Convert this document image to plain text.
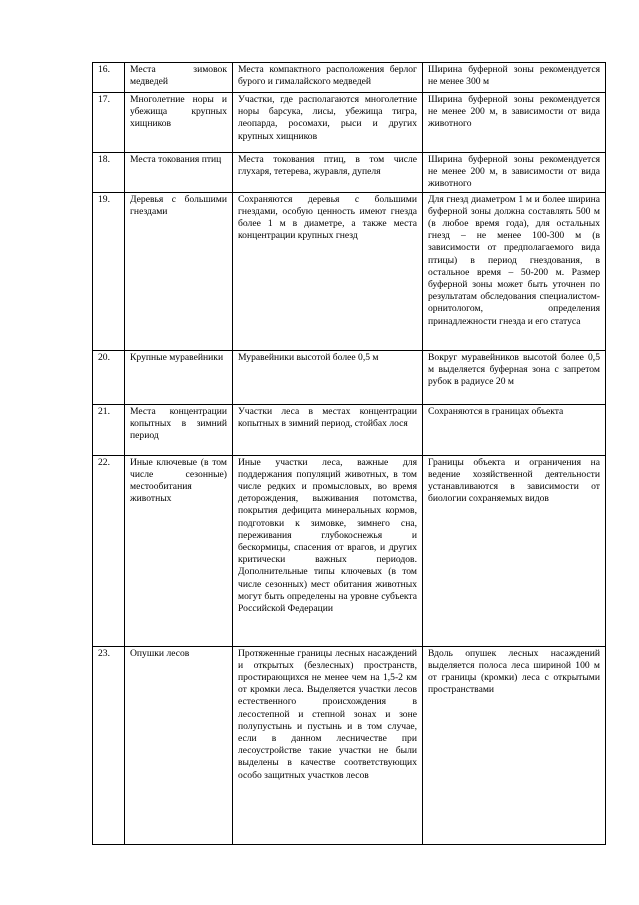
16.	Места зимовок медведей	Места компактного расположения берлог бурого и гималайского медведей	Ширина буферной зоны рекомендуется не менее 300 м
17.	Многолетние норы и убежища крупных хищников	Участки, где располагаются многолетние норы барсука, лисы, убежища тигра, леопарда, росомахи, рыси и других крупных хищников	Ширина буферной зоны рекомендуется не менее 200 м, в зависимости от вида животного
18.	Места токования птиц	Места токования птиц, в том числе глухаря, тетерева, журавля, дупеля	Ширина буферной зоны рекомендуется не менее 200 м, в зависимости от вида животного
19.	Деревья с большими гнездами	Сохраняются деревья с большими гнездами, особую ценность имеют гнезда более 1 м в диаметре, а также места концентрации крупных гнезд	Для гнезд диаметром 1 м и более ширина буферной зоны должна составлять 500 м (в любое время года), для остальных гнезд – не менее 100-300 м (в зависимости от предполагаемого вида птицы) в период гнездования, в остальное время – 50-200 м. Размер буферной зоны может быть уточнен по результатам обследования специалистом-орнитологом, определения принадлежности гнезда и его статуса
20.	Крупные муравейники	Муравейники высотой более 0,5 м	Вокруг муравейников высотой более 0,5 м выделяется буферная зона с запретом рубок в радиусе 20 м
21.	Места концентрации копытных в зимний период	Участки леса в местах концентрации копытных в зимний период, стойбах лося	Сохраняются в границах объекта
22.	Иные ключевые (в том числе сезонные) местообитания животных	Иные участки леса, важные для поддержания популяций животных, в том числе редких и промысловых, во время деторождения, выживания потомства, покрытия дефицита минеральных кормов, подготовки к зимовке, зимнего сна, переживания глубокоснежья и бескормицы, спасения от врагов, и других критически важных периодов. Дополнительные типы ключевых (в том числе сезонных) мест обитания животных могут быть определены на уровне субъекта Российской Федерации	Границы объекта и ограничения на ведение хозяйственной деятельности устанавливаются в зависимости от биологии сохраняемых видов
23.	Опушки лесов	Протяженные границы лесных насаждений и открытых (безлесных) пространств, простирающихся не менее чем на 1,5-2 км от кромки леса. Выделяется участки лесов естественного происхождения в лесостепной и степной зонах и зоне полупустынь и пустынь и в том случае, если в данном лесничестве при лесоустройстве такие участки не были выделены в качестве соответствующих особо защитных участков лесов	Вдоль опушек лесных насаждений выделяется полоса леса шириной 100 м от границы (кромки) леса с открытыми пространствами
